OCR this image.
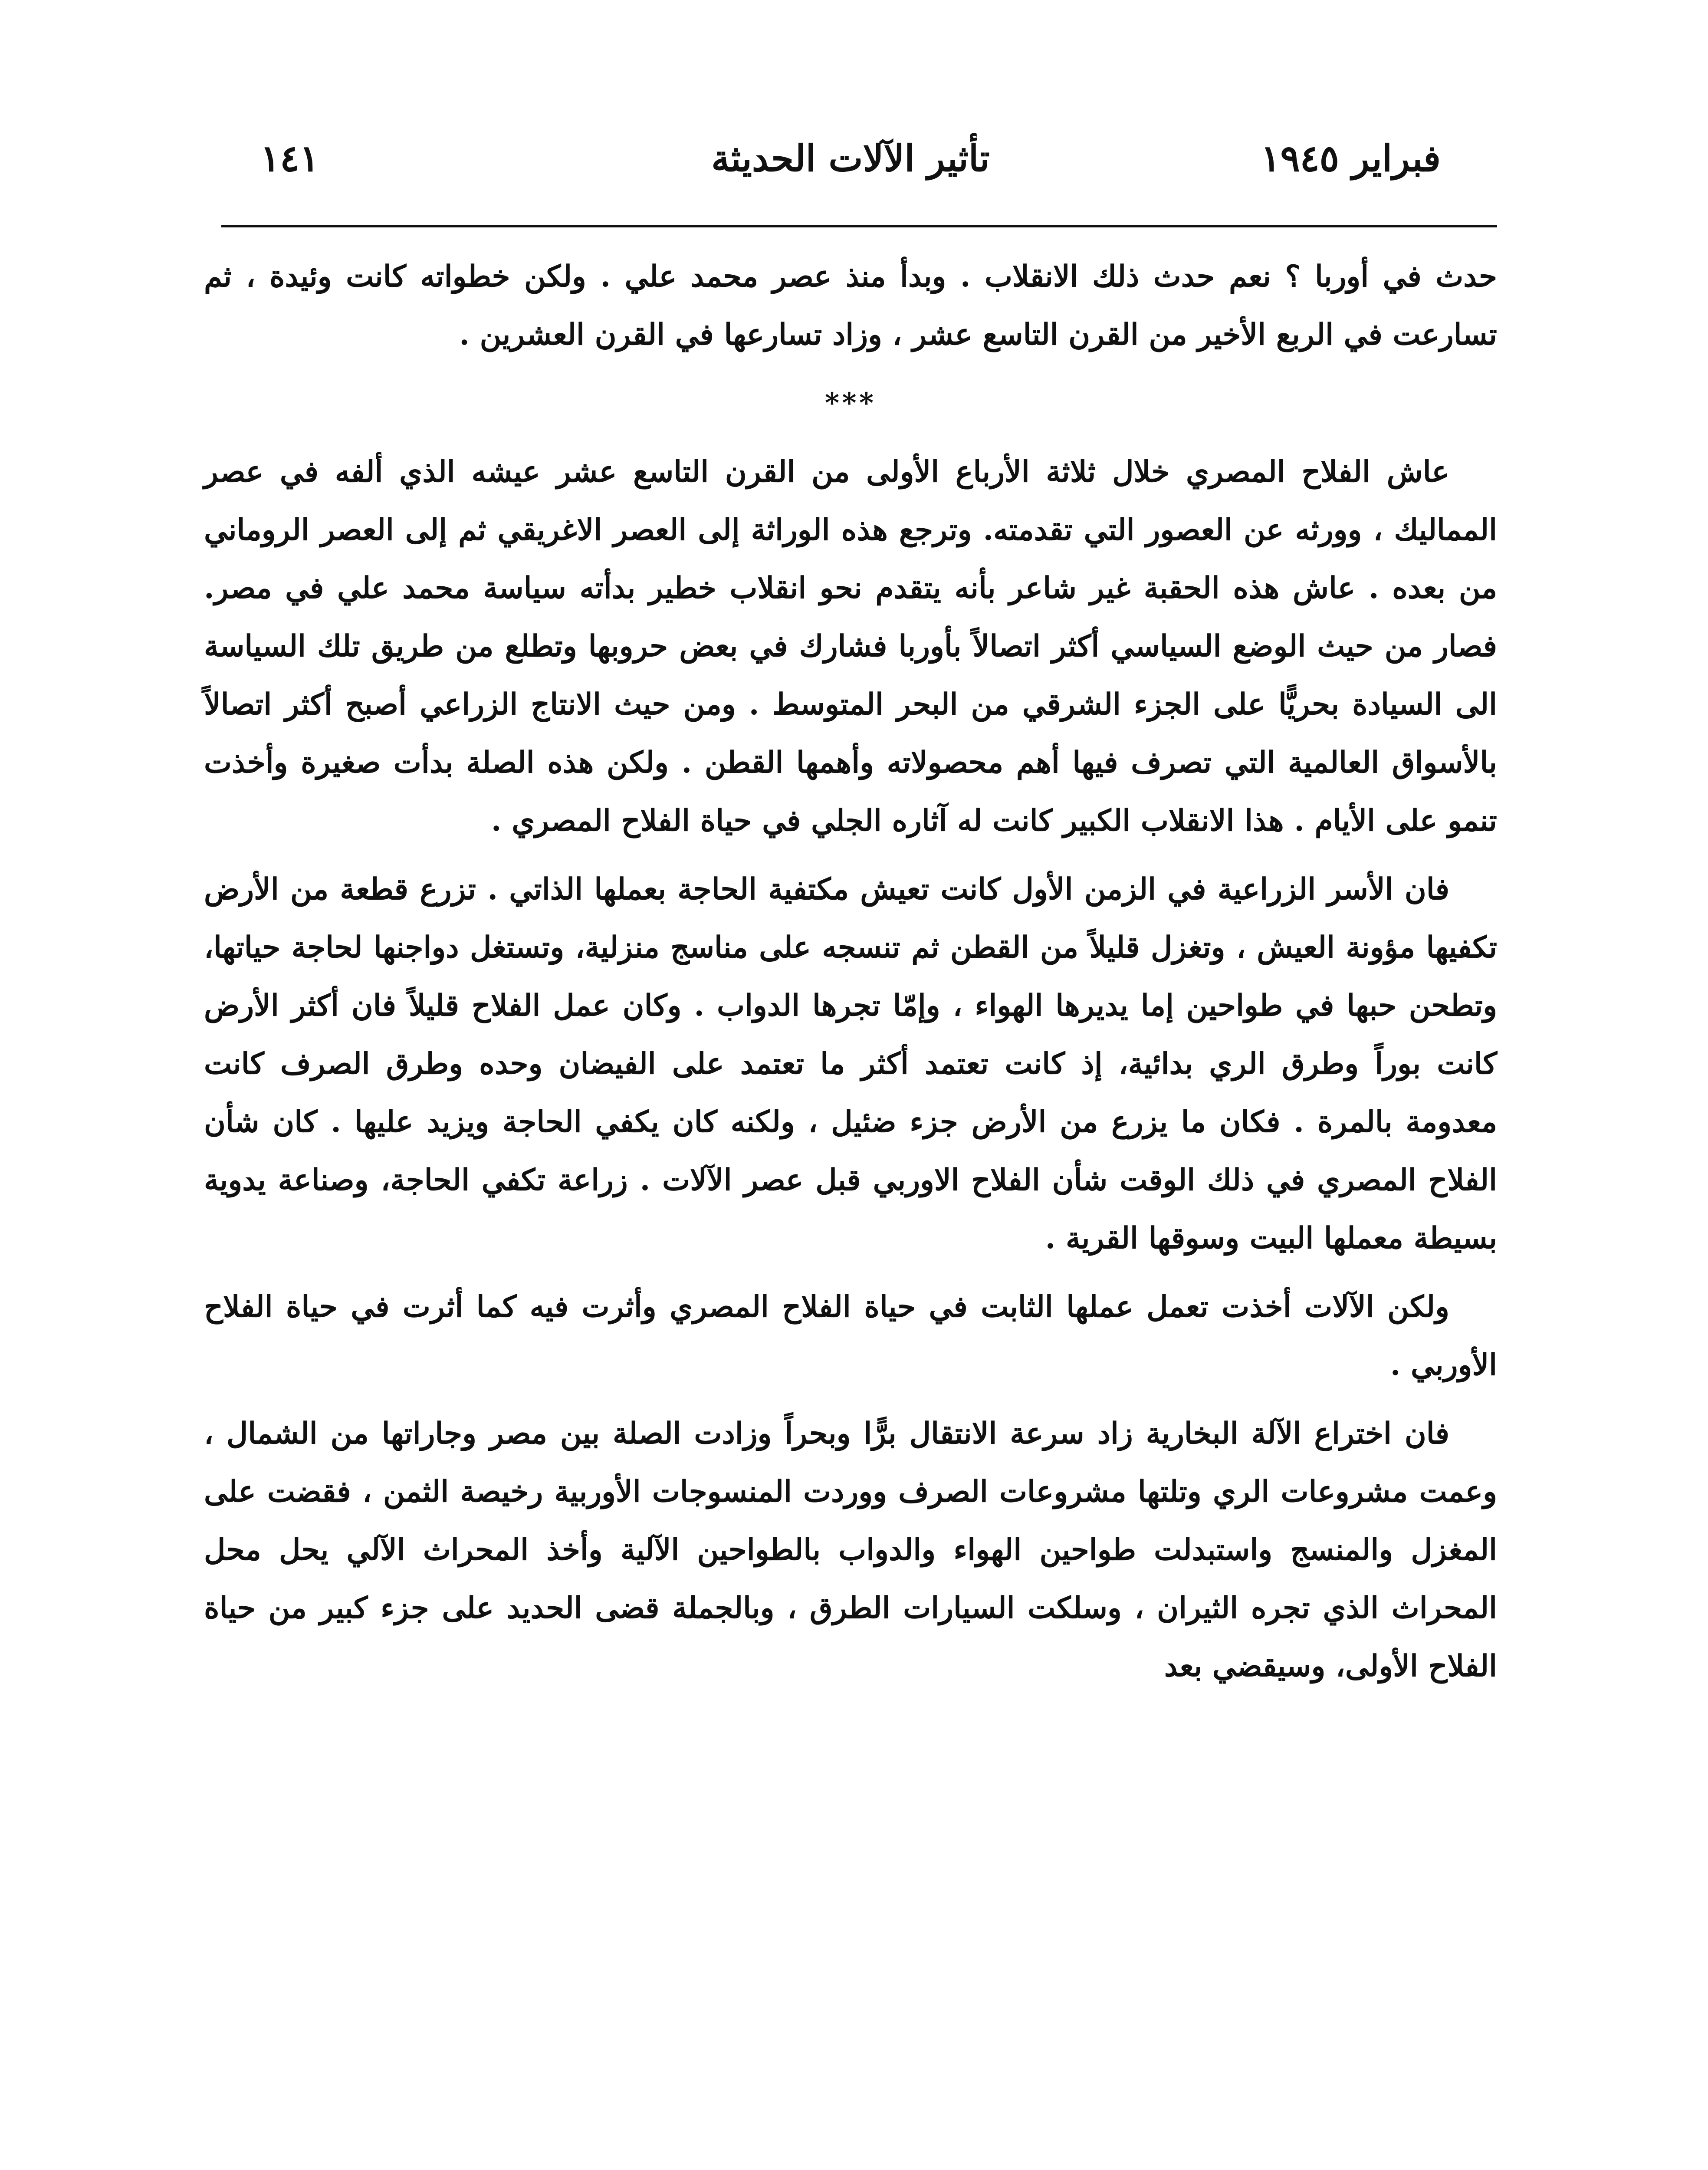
١٤١	تأثير الآلات الحديثة	فبراير ١٩٤٥

حدث في أوربا ؟ نعم حدث ذلك الانقلاب . وبدأ منذ عصر محمد علي . ولكن خطواته كانت وئيدة ، ثم تسارعت في الربع الأخير من القرن التاسع عشر ، وزاد تسارعها في القرن العشرين .

***

عاش الفلاح المصري خلال ثلاثة الأرباع الأولى من القرن التاسع عشر عيشه الذي ألفه في عصر المماليك ، وورثه عن العصور التي تقدمته. وترجع هذه الوراثة إلى العصر الاغريقي ثم إلى العصر الروماني من بعده . عاش هذه الحقبة غير شاعر بأنه يتقدم نحو انقلاب خطير بدأته سياسة محمد علي في مصر. فصار من حيث الوضع السياسي أكثر اتصالاً بأوربا فشارك في بعض حروبها وتطلع من طريق تلك السياسة الى السيادة بحريًّا على الجزء الشرقي من البحر المتوسط . ومن حيث الانتاج الزراعي أصبح أكثر اتصالاً بالأسواق العالمية التي تصرف فيها أهم محصولاته وأهمها القطن . ولكن هذه الصلة بدأت صغيرة وأخذت تنمو على الأيام . هذا الانقلاب الكبير كانت له آثاره الجلي في حياة الفلاح المصري .

فان الأسر الزراعية في الزمن الأول كانت تعيش مكتفية الحاجة بعملها الذاتي . تزرع قطعة من الأرض تكفيها مؤونة العيش ، وتغزل قليلاً من القطن ثم تنسجه على مناسج منزلية، وتستغل دواجنها لحاجة حياتها، وتطحن حبها في طواحين إما يديرها الهواء ، وإمّا تجرها الدواب . وكان عمل الفلاح قليلاً فان أكثر الأرض كانت بوراً وطرق الري بدائية، إذ كانت تعتمد أكثر ما تعتمد على الفيضان وحده وطرق الصرف كانت معدومة بالمرة . فكان ما يزرع من الأرض جزء ضئيل ، ولكنه كان يكفي الحاجة ويزيد عليها . كان شأن الفلاح المصري في ذلك الوقت شأن الفلاح الاوربي قبل عصر الآلات . زراعة تكفي الحاجة، وصناعة يدوية بسيطة معملها البيت وسوقها القرية .

ولكن الآلات أخذت تعمل عملها الثابت في حياة الفلاح المصري وأثرت فيه كما أثرت في حياة الفلاح الأوربي .

فان اختراع الآلة البخارية زاد سرعة الانتقال برًّا وبحراً وزادت الصلة بين مصر وجاراتها من الشمال ، وعمت مشروعات الري وتلتها مشروعات الصرف ووردت المنسوجات الأوربية رخيصة الثمن ، فقضت على المغزل والمنسج واستبدلت طواحين الهواء والدواب بالطواحين الآلية وأخذ المحراث الآلي يحل محل المحراث الذي تجره الثيران ، وسلكت السيارات الطرق ، وبالجملة قضى الحديد على جزء كبير من حياة الفلاح الأولى، وسيقضي بعد
